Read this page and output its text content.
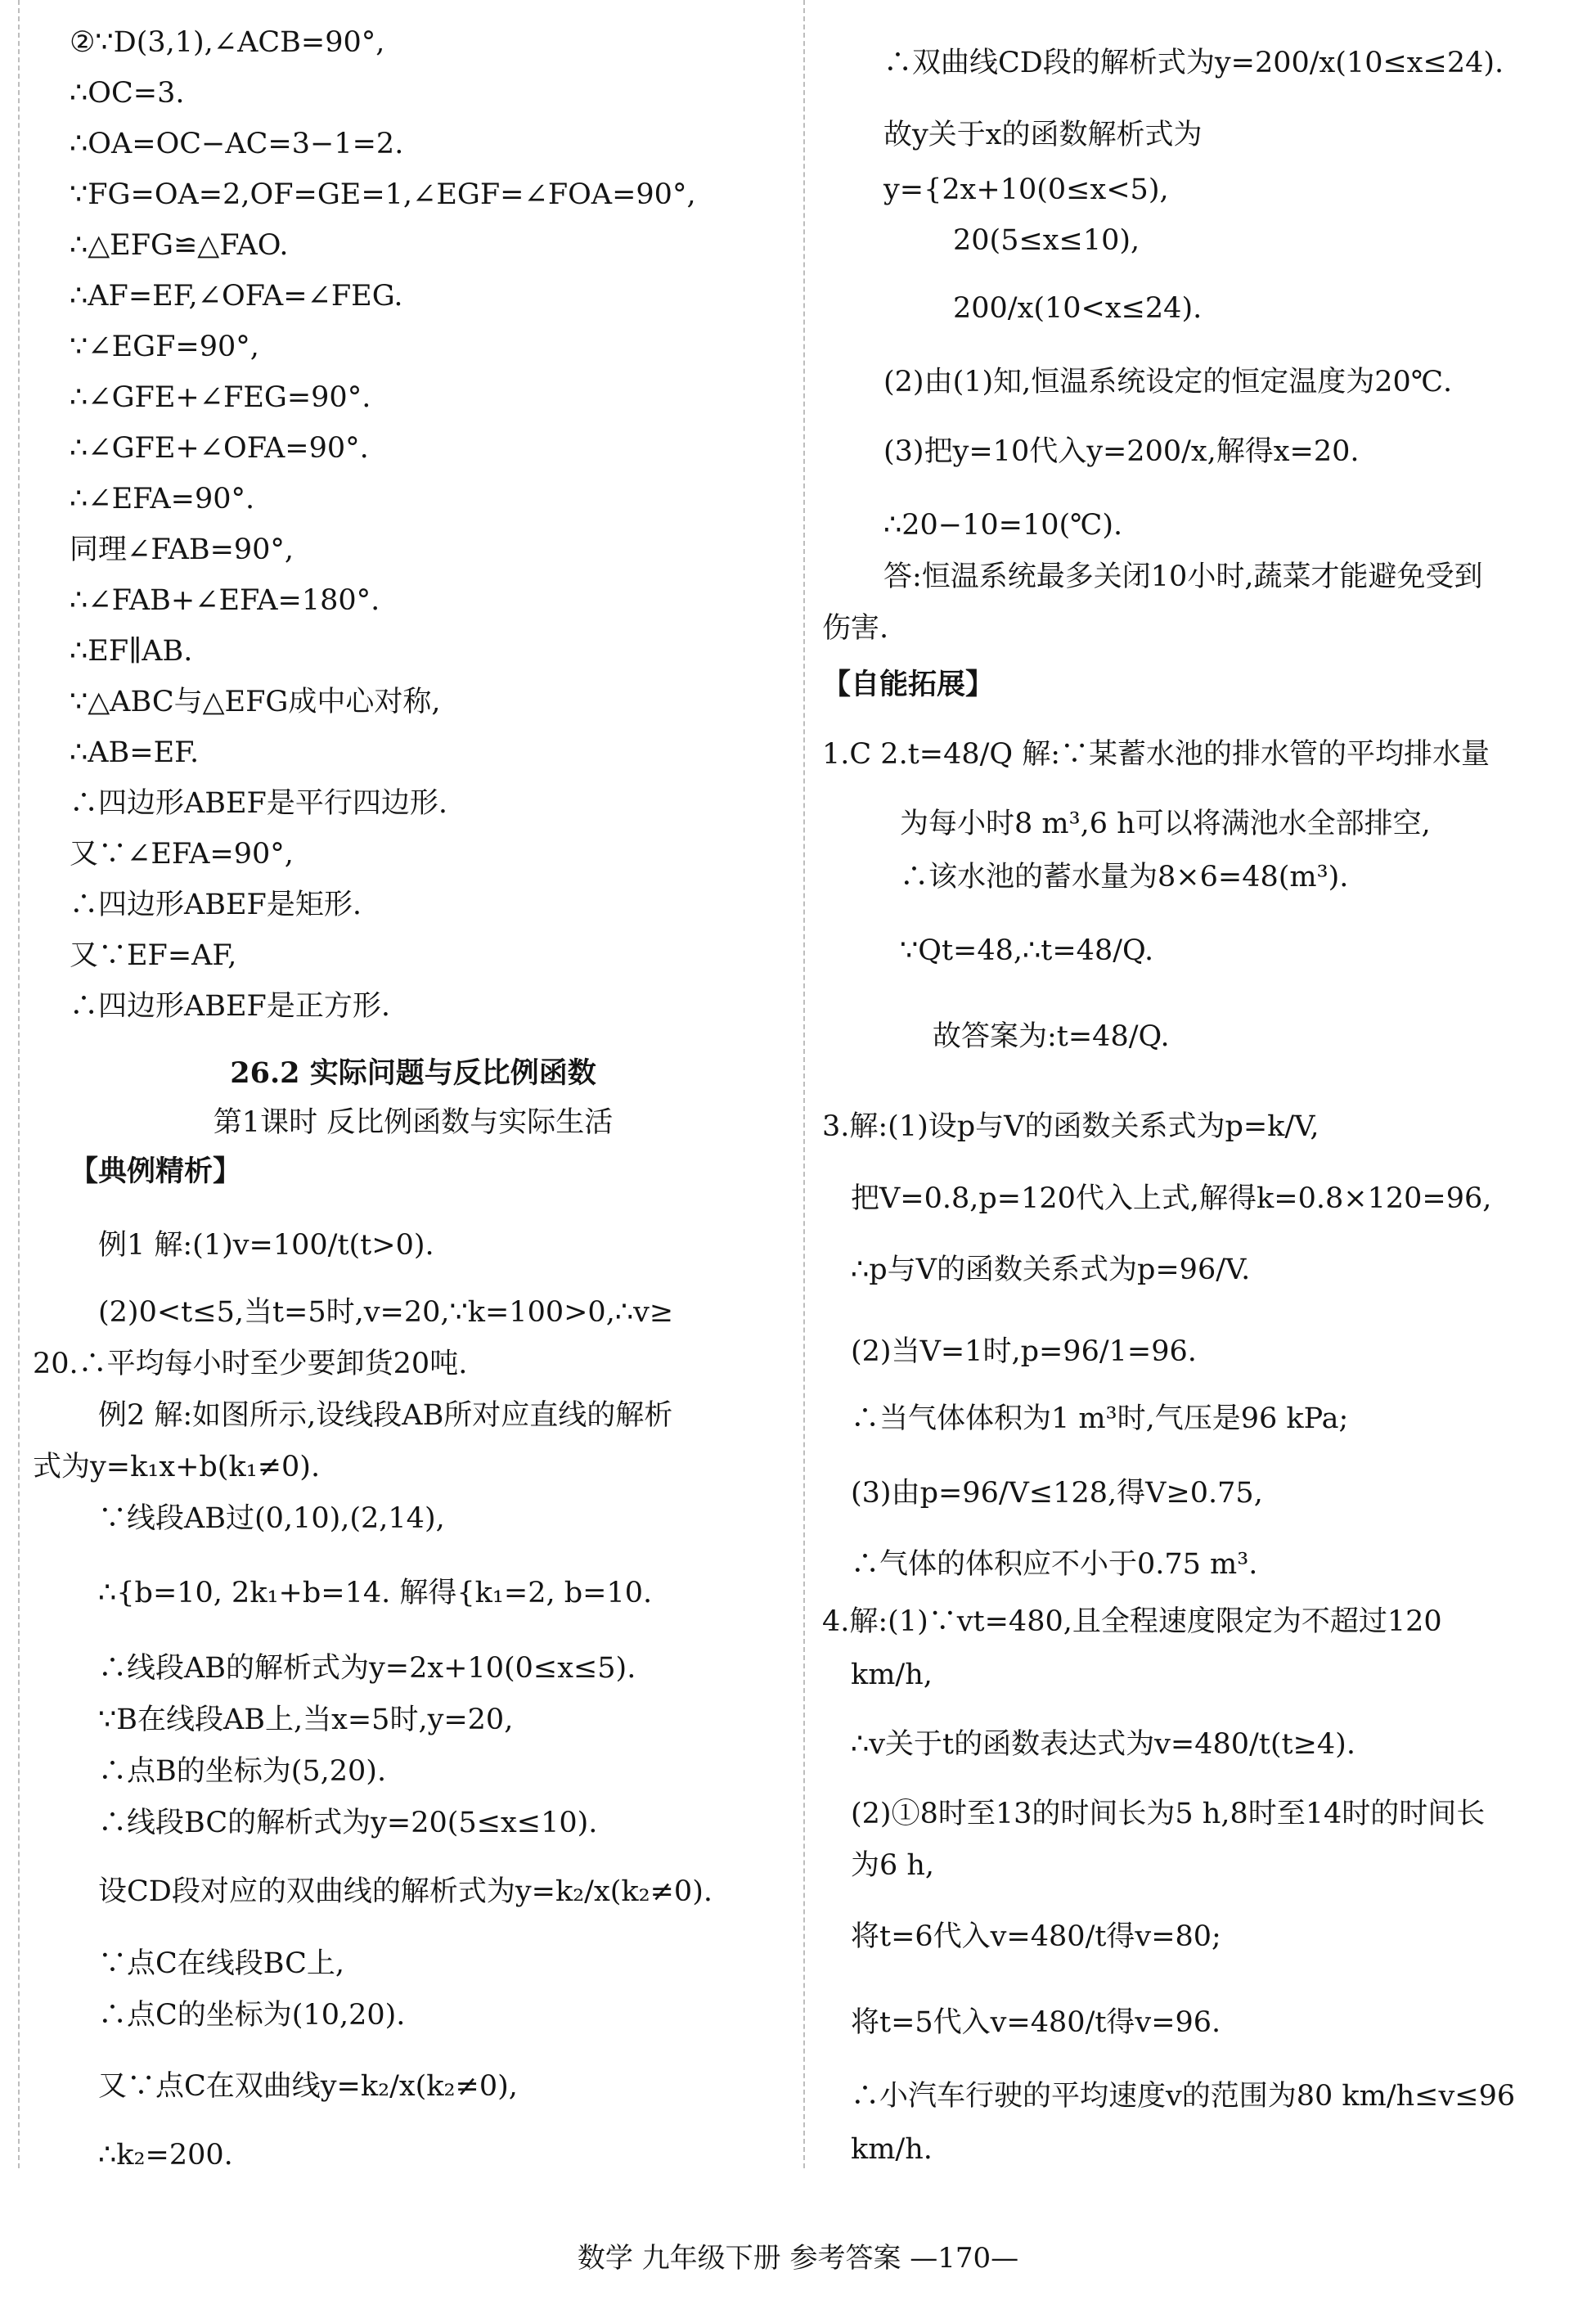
②∵D(3,1),∠ACB=90°,
∴OC=3.
∴OA=OC−AC=3−1=2.
∵FG=OA=2,OF=GE=1,∠EGF=∠FOA=90°,
∴△EFG≌△FAO.
∴AF=EF,∠OFA=∠FEG.
∵∠EGF=90°,
∴∠GFE+∠FEG=90°.
∴∠GFE+∠OFA=90°.
∴∠EFA=90°.
同理∠FAB=90°,
∴∠FAB+∠EFA=180°.
∴EF∥AB.
∵△ABC与△EFG成中心对称,
∴AB=EF.
∴四边形ABEF是平行四边形.
又∵∠EFA=90°,
∴四边形ABEF是矩形.
又∵EF=AF,
∴四边形ABEF是正方形.
26.2 实际问题与反比例函数
第1课时 反比例函数与实际生活
【典例精析】
例1 解:(1)v=100/t(t>0).
(2)0<t≤5,当t=5时,v=20,∵k=100>0,∴v≥
20.∴平均每小时至少要卸货20吨.
例2 解:如图所示,设线段AB所对应直线的解析
式为y=k₁x+b(k₁≠0).
∵线段AB过(0,10),(2,14),
∴{b=10, 2k₁+b=14. 解得{k₁=2, b=10.
∴线段AB的解析式为y=2x+10(0≤x≤5).
∵B在线段AB上,当x=5时,y=20,
∴点B的坐标为(5,20).
∴线段BC的解析式为y=20(5≤x≤10).
设CD段对应的双曲线的解析式为y=k₂/x(k₂≠0).
∵点C在线段BC上,
∴点C的坐标为(10,20).
又∵点C在双曲线y=k₂/x(k₂≠0),
∴k₂=200.
∴双曲线CD段的解析式为y=200/x(10≤x≤24).
故y关于x的函数解析式为
y={2x+10(0≤x<5),
20(5≤x≤10),
200/x(10<x≤24).
(2)由(1)知,恒温系统设定的恒定温度为20℃.
(3)把y=10代入y=200/x,解得x=20.
∴20−10=10(℃).
答:恒温系统最多关闭10小时,蔬菜才能避免受到
伤害.
【自能拓展】
1.C 2.t=48/Q 解:∵某蓄水池的排水管的平均排水量
为每小时8 m³,6 h可以将满池水全部排空,
∴该水池的蓄水量为8×6=48(m³).
∵Qt=48,∴t=48/Q.
故答案为:t=48/Q.
3.解:(1)设p与V的函数关系式为p=k/V,
把V=0.8,p=120代入上式,解得k=0.8×120=96,
∴p与V的函数关系式为p=96/V.
(2)当V=1时,p=96/1=96.
∴当气体体积为1 m³时,气压是96 kPa;
(3)由p=96/V≤128,得V≥0.75,
∴气体的体积应不小于0.75 m³.
4.解:(1)∵vt=480,且全程速度限定为不超过120
km/h,
∴v关于t的函数表达式为v=480/t(t≥4).
(2)①8时至13的时间长为5 h,8时至14时的时间长
为6 h,
将t=6代入v=480/t得v=80;
将t=5代入v=480/t得v=96.
∴小汽车行驶的平均速度v的范围为80 km/h≤v≤96
km/h.
数学 九年级下册 参考答案 —170—
